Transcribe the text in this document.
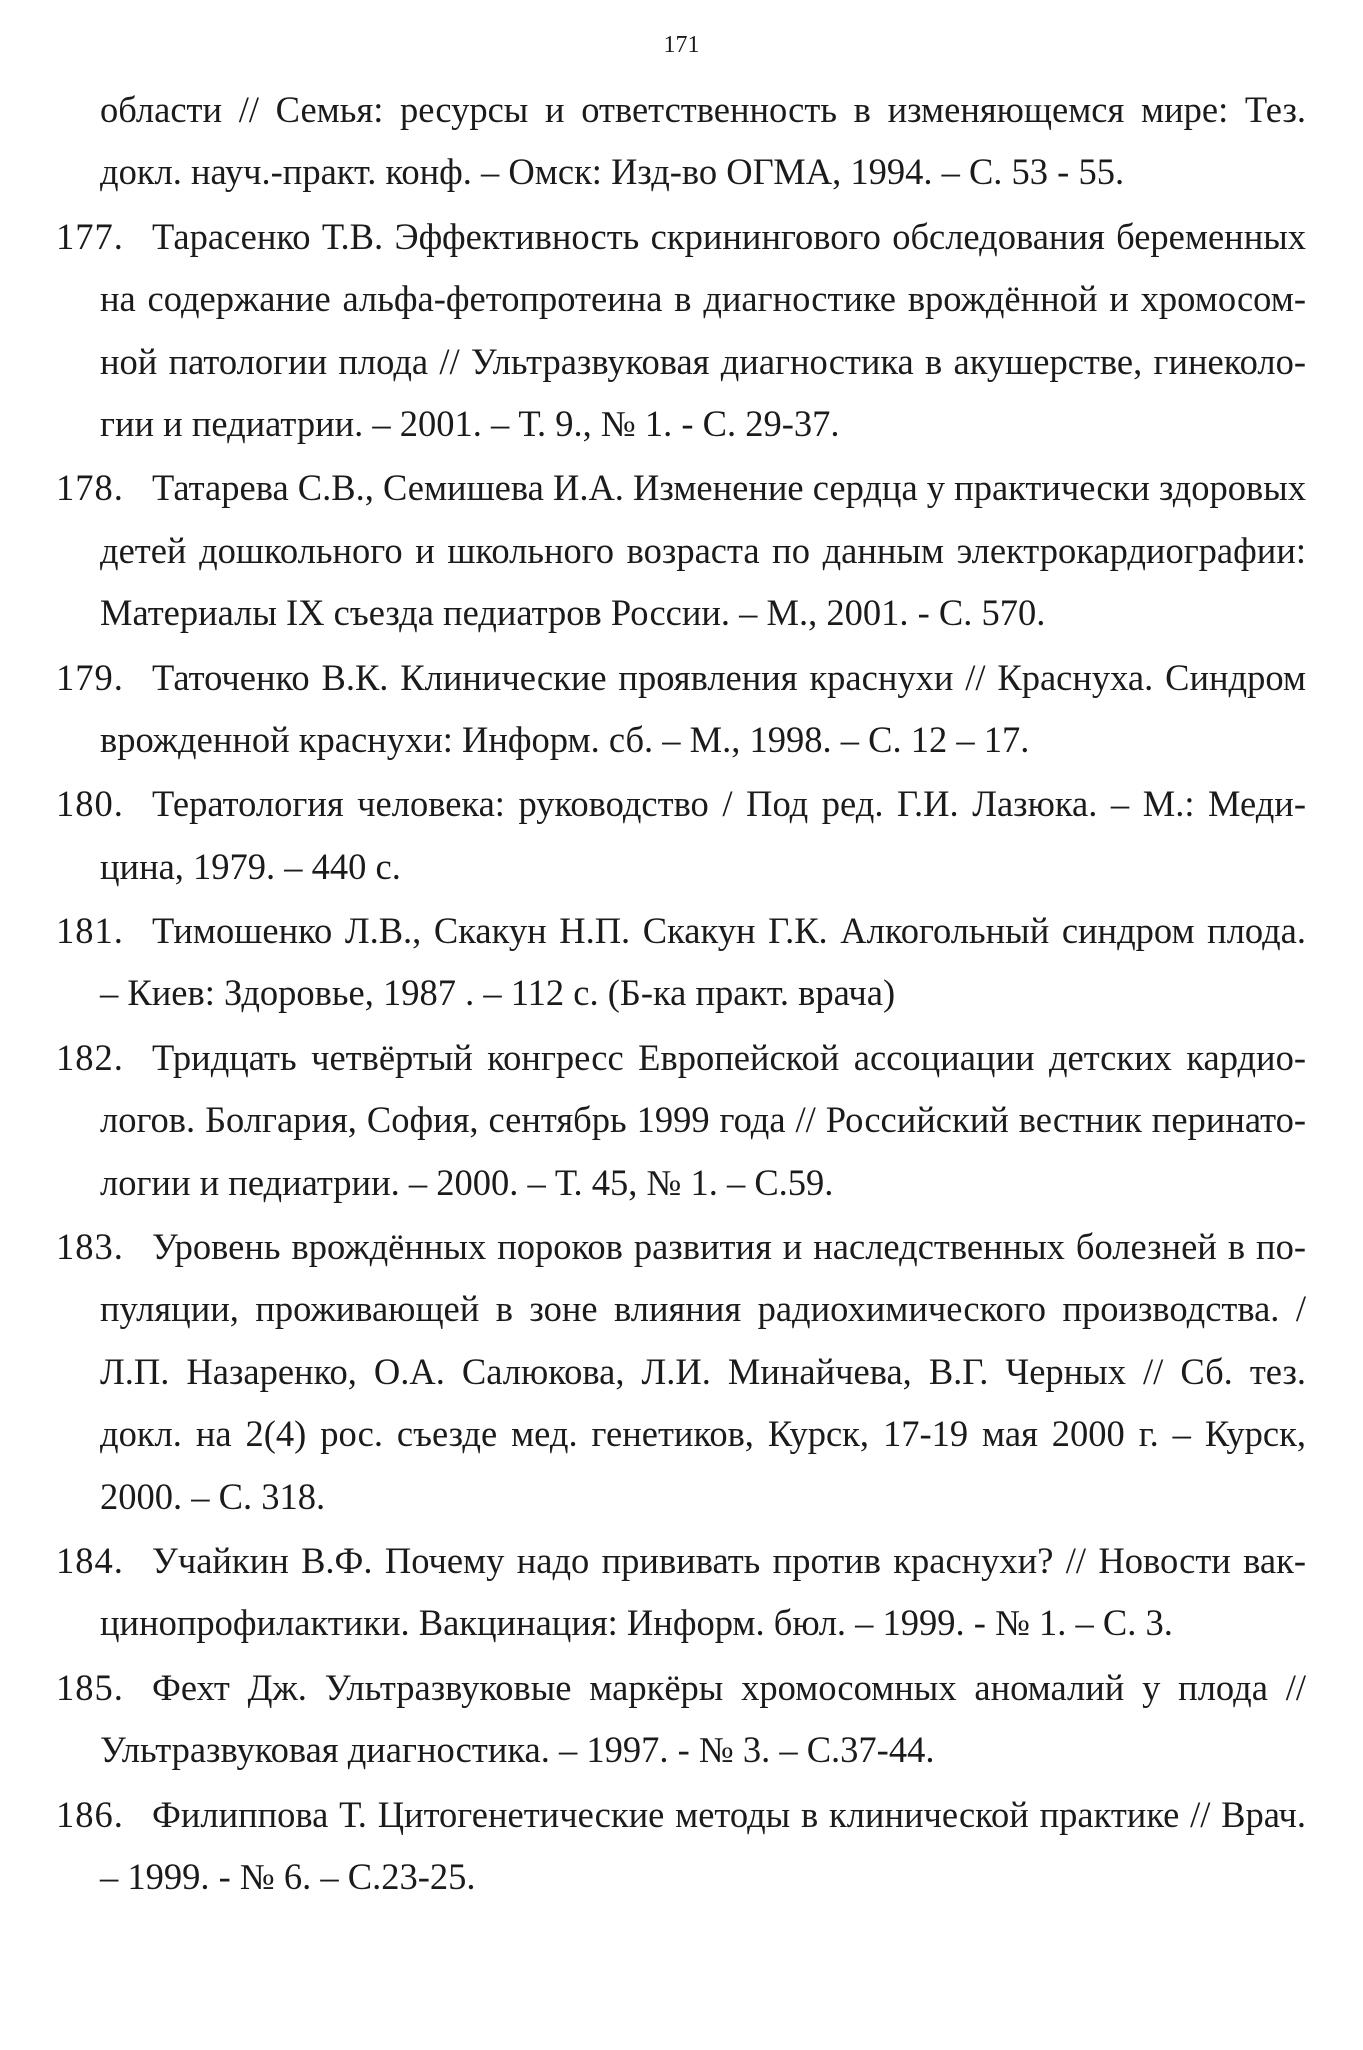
171
области // Семья: ресурсы и ответственность в изменяющемся мире: Тез.
докл. науч.-практ. конф. – Омск: Изд-во ОГМА, 1994. – С. 53 - 55.
177. Тарасенко Т.В. Эффективность скринингового обследования беременных
на содержание альфа-фетопротеина в диагностике врождённой и хромосом-
ной патологии плода // Ультразвуковая диагностика в акушерстве, гинеколо-
гии и педиатрии. – 2001. – Т. 9., № 1. - С. 29-37.
178. Татарева С.В., Семишева И.А. Изменение сердца у практически здоровых
детей дошкольного и школьного возраста по данным электрокардиографии:
Материалы IX съезда педиатров России. – М., 2001. - С. 570.
179. Таточенко В.К. Клинические проявления краснухи // Краснуха. Синдром
врожденной краснухи: Информ. сб. – М., 1998. – С. 12 – 17.
180. Тератология человека: руководство / Под ред. Г.И. Лазюка. – М.: Меди-
цина, 1979. – 440 с.
181. Тимошенко Л.В., Скакун Н.П. Скакун Г.К. Алкогольный синдром плода.
– Киев: Здоровье, 1987 . – 112 с. (Б-ка практ. врача)
182. Тридцать четвёртый конгресс Европейской ассоциации детских кардио-
логов. Болгария, София, сентябрь 1999 года // Российский вестник перинато-
логии и педиатрии. – 2000. – Т. 45, № 1. – С.59.
183. Уровень врождённых пороков развития и наследственных болезней в по-
пуляции, проживающей в зоне влияния радиохимического производства. /
Л.П. Назаренко, О.А. Салюкова, Л.И. Минайчева, В.Г. Черных // Сб. тез.
докл. на 2(4) рос. съезде мед. генетиков, Курск, 17-19 мая 2000 г. – Курск,
2000. – С. 318.
184. Учайкин В.Ф. Почему надо прививать против краснухи? // Новости вак-
цинопрофилактики. Вакцинация: Информ. бюл. – 1999. - № 1. – С. 3.
185. Фехт Дж. Ультразвуковые маркёры хромосомных аномалий у плода //
Ультразвуковая диагностика. – 1997. - № 3. – С.37-44.
186. Филиппова Т. Цитогенетические методы в клинической практике // Врач.
– 1999. - № 6. – С.23-25.
